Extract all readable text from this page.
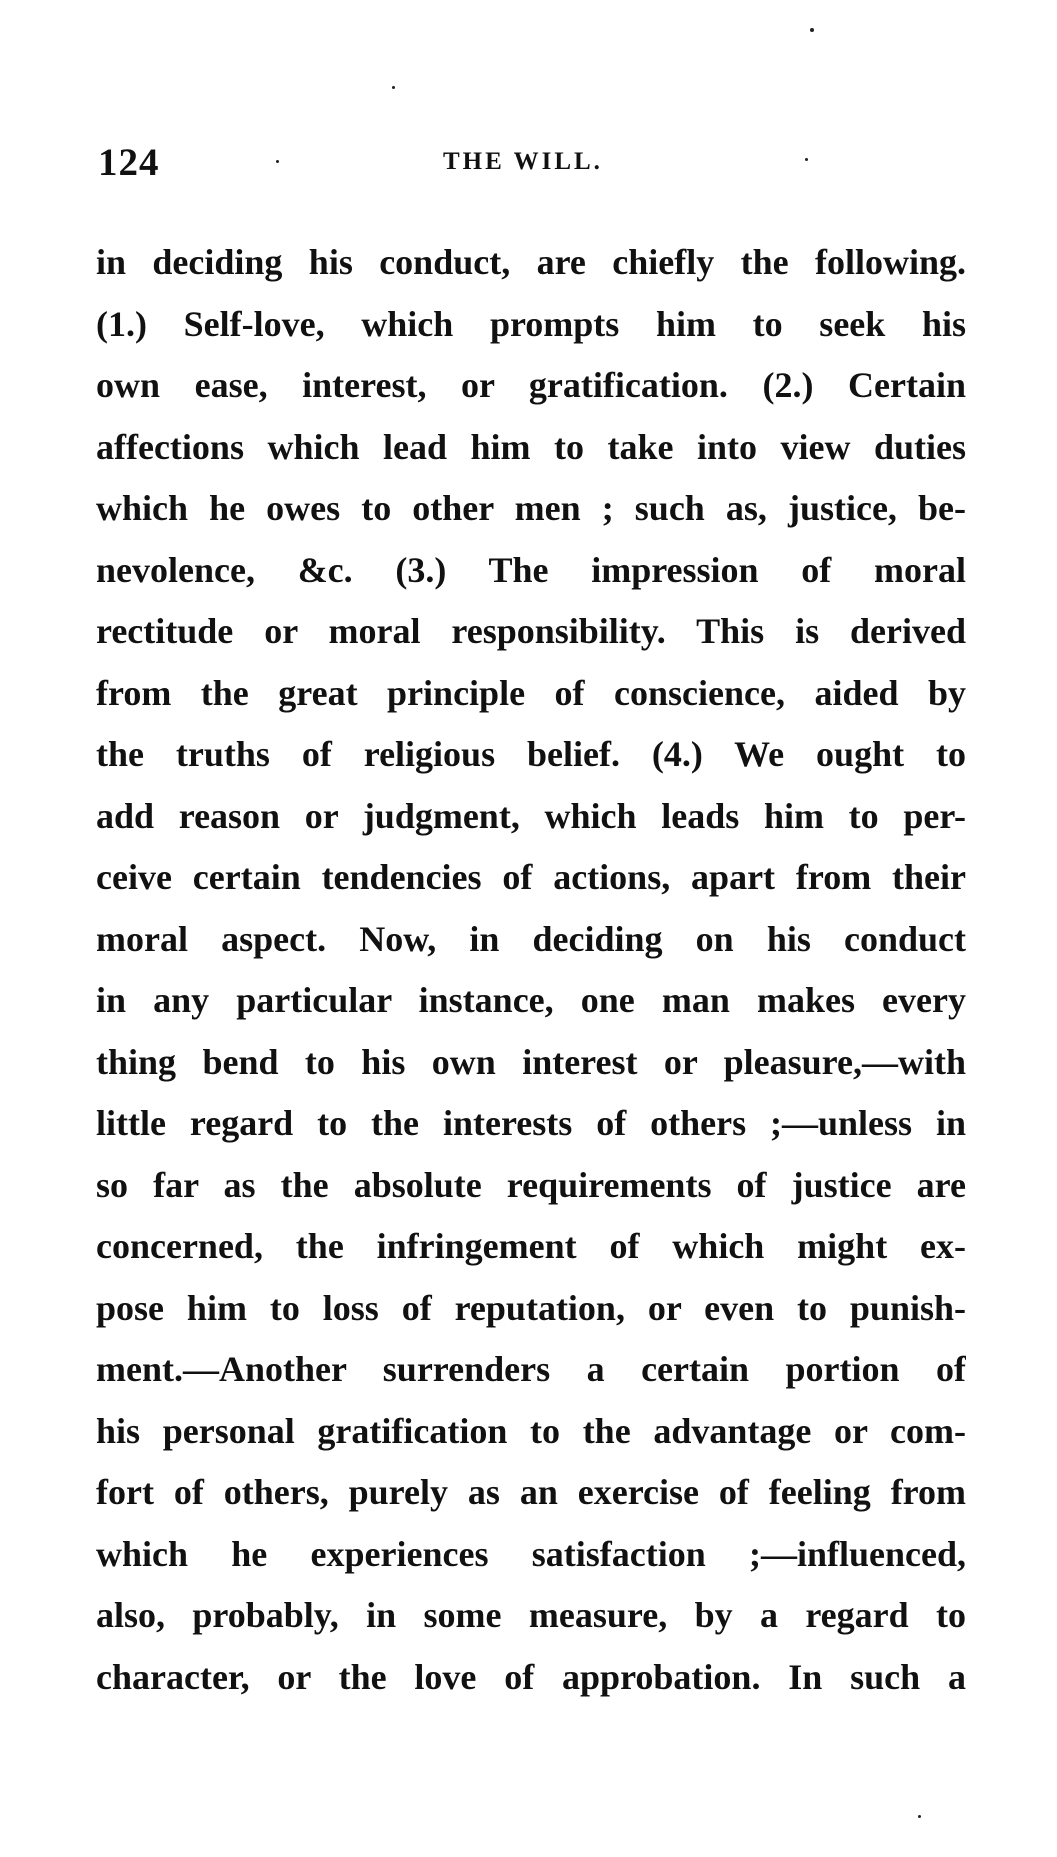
124	THE WILL.
in deciding his conduct, are chiefly the following.
(1.) Self-love, which prompts him to seek his
own ease, interest, or gratification. (2.) Certain
affections which lead him to take into view duties
which he owes to other men ; such as, justice, be-
nevolence, &c. (3.) The impression of moral
rectitude or moral responsibility. This is derived
from the great principle of conscience, aided by
the truths of religious belief. (4.) We ought to
add reason or judgment, which leads him to per-
ceive certain tendencies of actions, apart from their
moral aspect. Now, in deciding on his conduct
in any particular instance, one man makes every
thing bend to his own interest or pleasure,—with
little regard to the interests of others ;—unless in
so far as the absolute requirements of justice are
concerned, the infringement of which might ex-
pose him to loss of reputation, or even to punish-
ment.—Another surrenders a certain portion of
his personal gratification to the advantage or com-
fort of others, purely as an exercise of feeling from
which he experiences satisfaction ;—influenced,
also, probably, in some measure, by a regard to
character, or the love of approbation. In such a
